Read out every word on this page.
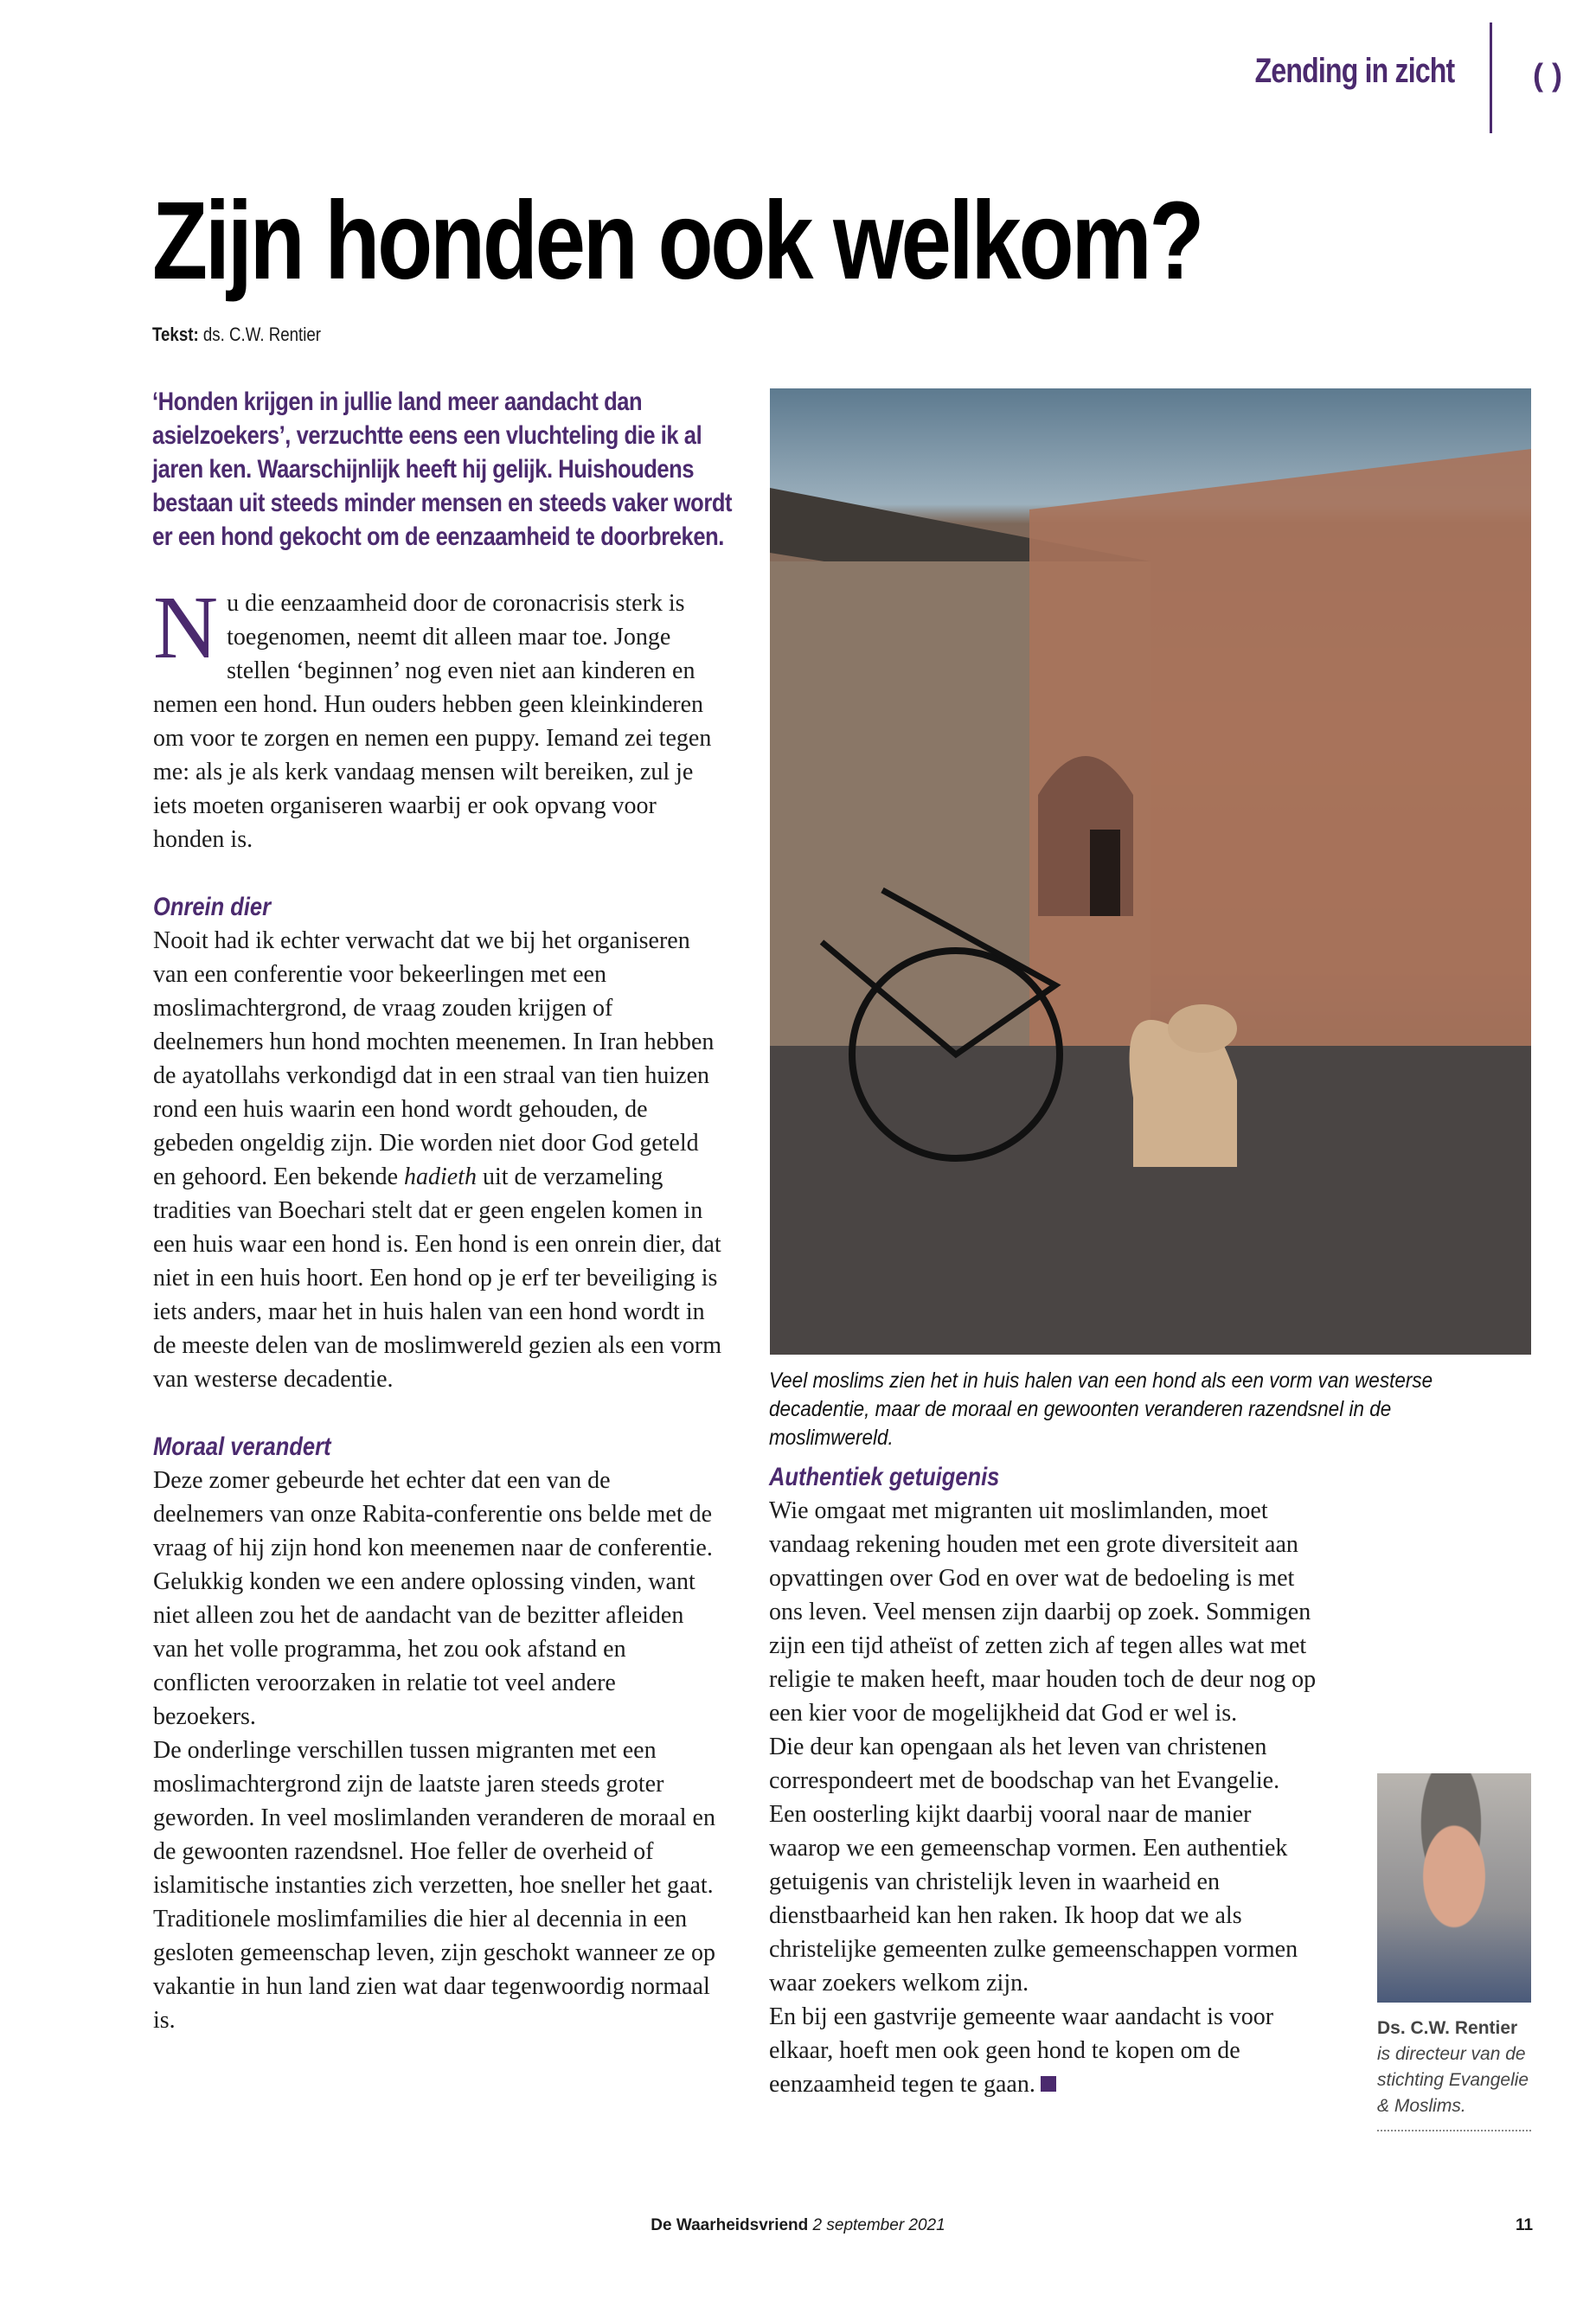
Zending in zicht	( )
Zijn honden ook welkom?
Tekst: ds. C.W. Rentier
‘Honden krijgen in jullie land meer aandacht dan asielzoekers’, verzuchtte eens een vluchteling die ik al jaren ken. Waarschijnlijk heeft hij gelijk. Huishoudens bestaan uit steeds minder mensen en steeds vaker wordt er een hond gekocht om de eenzaamheid te doorbreken.

Nu die eenzaamheid door de coronacrisis sterk is toegenomen, neemt dit alleen maar toe. Jonge stellen ‘beginnen’ nog even niet aan kinderen en nemen een hond. Hun ouders hebben geen kleinkinderen om voor te zorgen en nemen een puppy. Iemand zei tegen me: als je als kerk vandaag mensen wilt bereiken, zul je iets moeten organiseren waarbij er ook opvang voor honden is.

Onrein dier

Nooit had ik echter verwacht dat we bij het organiseren van een conferentie voor bekeerlingen met een moslimachtergrond, de vraag zouden krijgen of deelnemers hun hond mochten meenemen. In Iran hebben de ayatollahs verkondigd dat in een straal van tien huizen rond een huis waarin een hond wordt gehouden, de gebeden ongeldig zijn. Die worden niet door God geteld en gehoord. Een bekende hadieth uit de verzameling tradities van Boechari stelt dat er geen engelen komen in een huis waar een hond is. Een hond is een onrein dier, dat niet in een huis hoort. Een hond op je erf ter beveiliging is iets anders, maar het in huis halen van een hond wordt in de meeste delen van de moslimwereld gezien als een vorm van westerse decadentie.

Moraal verandert

Deze zomer gebeurde het echter dat een van de deelnemers van onze Rabita-conferentie ons belde met de vraag of hij zijn hond kon meenemen naar de conferentie. Gelukkig konden we een andere oplossing vinden, want niet alleen zou het de aandacht van de bezitter afleiden van het volle programma, het zou ook afstand en conflicten veroorzaken in relatie tot veel andere bezoekers.

De onderlinge verschillen tussen migranten met een moslimachtergrond zijn de laatste jaren steeds groter geworden. In veel moslimlanden veranderen de moraal en de gewoonten razendsnel. Hoe feller de overheid of islamitische instanties zich verzetten, hoe sneller het gaat. Traditionele moslimfamilies die hier al decennia in een gesloten gemeenschap leven, zijn geschokt wanneer ze op vakantie in hun land zien wat daar tegenwoordig normaal is.

Veel moslims zien het in huis halen van een hond als een vorm van westerse decadentie, maar de moraal en gewoonten veranderen razendsnel in de moslimwereld.
Authentiek getuigenis

Wie omgaat met migranten uit moslimlanden, moet vandaag rekening houden met een grote diversiteit aan opvattingen over God en over wat de bedoeling is met ons leven. Veel mensen zijn daarbij op zoek. Sommigen zijn een tijd atheïst of zetten zich af tegen alles wat met religie te maken heeft, maar houden toch de deur nog op een kier voor de mogelijkheid dat God er wel is.

Die deur kan opengaan als het leven van christenen correspondeert met de boodschap van het Evangelie. Een oosterling kijkt daarbij vooral naar de manier waarop we een gemeenschap vormen. Een authentiek getuigenis van christelijk leven in waarheid en dienstbaarheid kan hen raken. Ik hoop dat we als christelijke gemeenten zulke gemeenschappen vormen waar zoekers welkom zijn.

En bij een gastvrije gemeente waar aandacht is voor elkaar, hoeft men ook geen hond te kopen om de eenzaamheid tegen te gaan.

Ds. C.W. Rentier
is directeur van de stichting Evangelie & Moslims.
De Waarheidsvriend 2 september 2021	11
